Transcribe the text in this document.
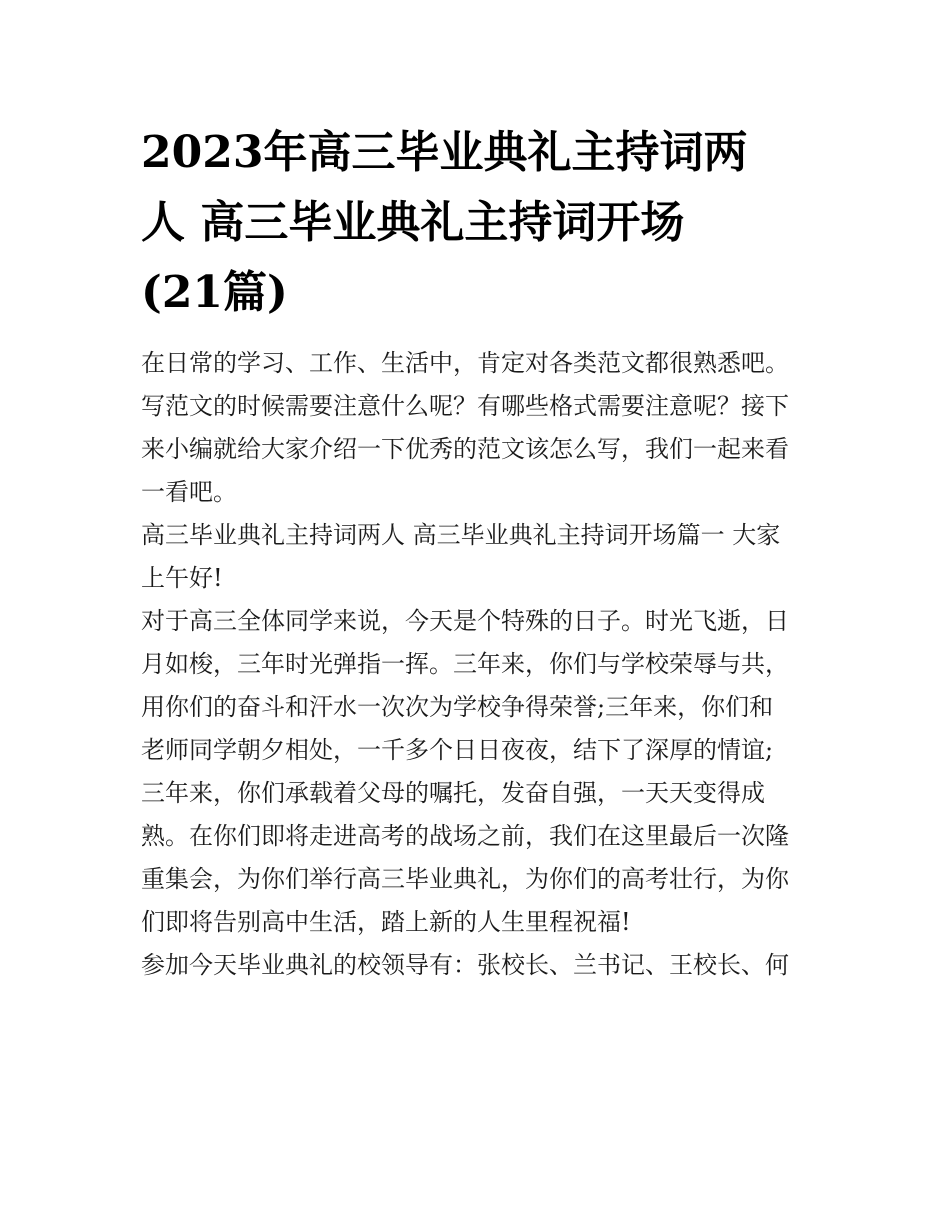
2023年高三毕业典礼主持词两
人 高三毕业典礼主持词开场
(21篇)

在日常的学习、工作、生活中，肯定对各类范文都很熟悉吧。
写范文的时候需要注意什么呢？有哪些格式需要注意呢？接下
来小编就给大家介绍一下优秀的范文该怎么写，我们一起来看
一看吧。

高三毕业典礼主持词两人 高三毕业典礼主持词开场篇一 大家
上午好!

对于高三全体同学来说，今天是个特殊的日子。时光飞逝，日
月如梭，三年时光弹指一挥。三年来，你们与学校荣辱与共，
用你们的奋斗和汗水一次次为学校争得荣誉;三年来，你们和
老师同学朝夕相处，一千多个日日夜夜，结下了深厚的情谊;
三年来，你们承载着父母的嘱托，发奋自强，一天天变得成
熟。在你们即将走进高考的战场之前，我们在这里最后一次隆
重集会，为你们举行高三毕业典礼，为你们的高考壮行，为你
们即将告别高中生活，踏上新的人生里程祝福!

参加今天毕业典礼的校领导有：张校长、兰书记、王校长、何
